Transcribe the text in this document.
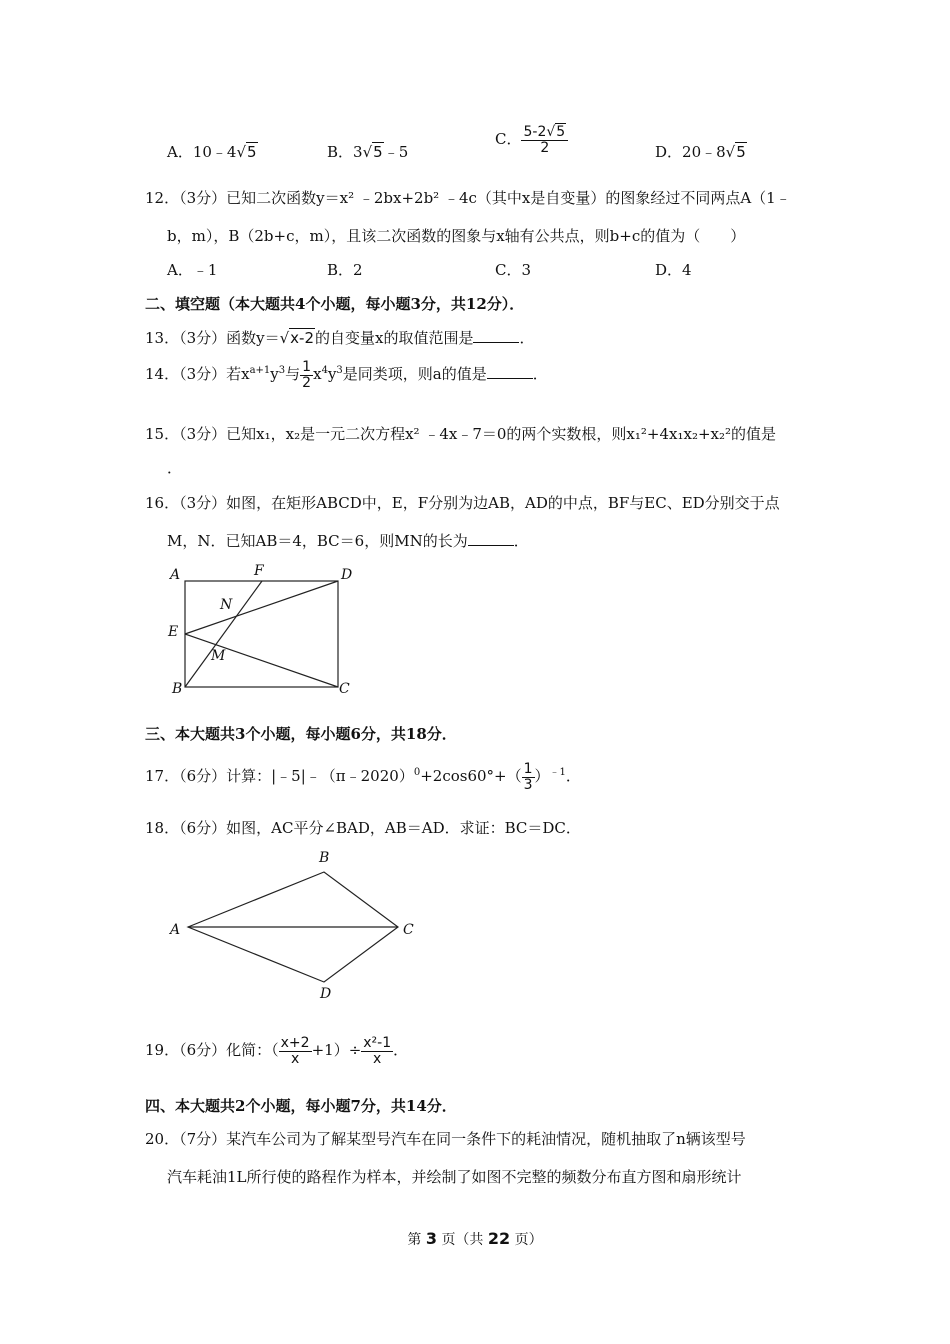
A．10﹣4√5	B．3√5﹣5
C． $\frac{5-2√5}{2}$	D．20﹣8√5
12．（3分）已知二次函数y＝x² ﹣2bx+2b² ﹣4c（其中x是自变量）的图象经过不同两点A（1﹣
b，m），B（2b+c，m），且该二次函数的图象与x轴有公共点，则b+c的值为（　　）
A．﹣1	B．2	C．3	D．4
二、填空题（本大题共4个小题，每小题3分，共12分）．
13．（3分）函数y＝√x-2的自变量x的取值范围是	．
14．（3分）若$x^{a+1}y^3$与 $\frac{1}{2} x^4y^3$是同类项，则a的值是	．
15．（3分）已知x₁，x₂是一元二次方程x² ﹣4x﹣7＝0的两个实数根，则x₁²+4x₁x₂+x₂²的值是
．
16．（3分）如图，在矩形ABCD中，E，F分别为边AB，AD的中点，BF与EC、ED分别交于点
M，N．已知AB＝4，BC＝6，则MN的长为	．
A	F	D
N
E
M
B	C
三、本大题共3个小题，每小题6分，共18分．
17．（6分）计算：|﹣5|﹣（π﹣2020）$^0$+2cos60°+（ $\frac{1}{3} )^{﹣1}$．
18．（6分）如图，AC平分∠BAD，AB＝AD．求证：BC＝DC．
B
A	C
D
19．（6分）化简：（ $\frac{x+2}{x} +1)\div \frac{\text{x²-1}}{x}$ ．
四、本大题共2个小题，每小题7分，共14分．
20．（7分）某汽车公司为了解某型号汽车在同一条件下的耗油情况，随机抽取了n辆该型号
汽车耗油1L所行使的路程作为样本，并绘制了如图不完整的频数分布直方图和扇形统计
第 3 页（共 22 页）
